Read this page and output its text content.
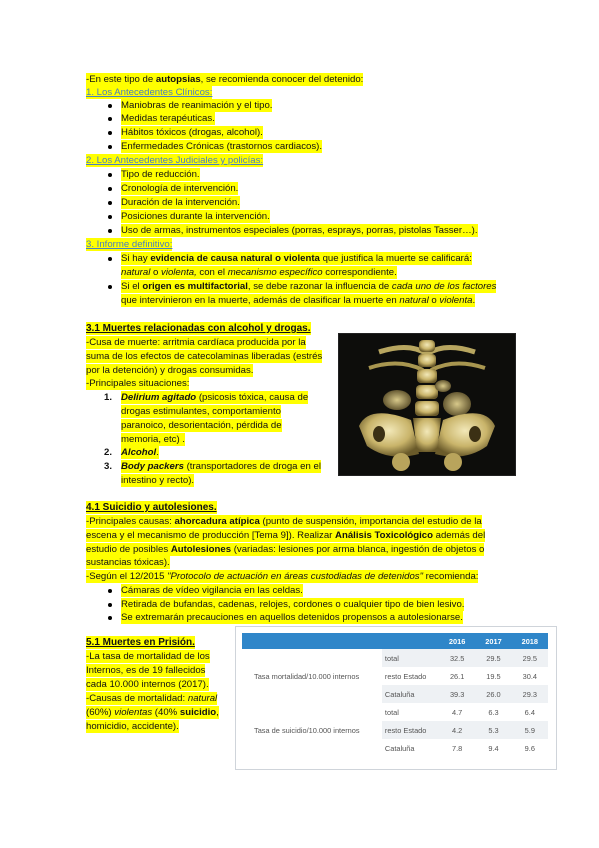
-En este tipo de autopsias, se recomienda conocer del detenido:
1. Los Antecedentes Clínicos:
Maniobras de reanimación y el tipo.
Medidas terapéuticas.
Hábitos tóxicos (drogas, alcohol).
Enfermedades Crónicas (trastornos cardiacos).
2. Los Antecedentes Judiciales y policías:
Tipo de reducción.
Cronología de intervención.
Duración de la intervención.
Posiciones durante la intervención.
Uso de armas, instrumentos especiales (porras, esprays, porras, pistolas Tasser…).
3. Informe definitivo:
Si hay evidencia de causa natural o violenta que justifica la muerte se calificará:
natural o violenta, con el mecanismo específico correspondiente.
Si el origen es multifactorial, se debe razonar la influencia de cada uno de los factores
que intervinieron en la muerte, además de clasificar la muerte en natural o violenta.
3.1 Muertes relacionadas con alcohol y drogas.
-Cusa de muerte: arritmia cardíaca producida por la
suma de los efectos de catecolaminas liberadas (estrés
por la detención) y drogas consumidas.
-Principales situaciones:
1. Delirium agitado (psicosis tóxica, causa de
drogas estimulantes, comportamiento
paranoico, desorientación, pérdida de
memoria, etc) .
2. Alcohol.
3. Body packers (transportadores de droga en el
intestino y recto).
4.1 Suicidio y autolesiones.
-Principales causas: ahorcadura atípica (punto de suspensión, importancia del estudio de la
escena y el mecanismo de producción [Tema 9]). Realizar Análisis Toxicológico además del
estudio de posibles Autolesiones (variadas: lesiones por arma blanca, ingestión de objetos o
sustancias tóxicas).
-Según el 12/2015 "Protocolo de actuación en áreas custodiadas de detenidos" recomienda:
Cámaras de vídeo vigilancia en las celdas.
Retirada de bufandas, cadenas, relojes, cordones o cualquier tipo de bien lesivo.
Se extremarán precauciones en aquellos detenidos propensos a autolesionarse.
5.1 Muertes en Prisión.
-La tasa de mortalidad de los
Internos, es de 19 fallecidos
cada 10.000 internos (2017).
-Causas de mortalidad: natural
(60%) violentas (40% suicidio,
homicidio, accidente).
		2016	2017	2018
Tasa mortalidad/10.000 internos	total	32.5	29.5	29.5
	resto Estado	26.1	19.5	30.4
	Cataluña	39.3	26.0	29.3
Tasa de suicidio/10.000 internos	total	4.7	6.3	6.4
	resto Estado	4.2	5.3	5.9
	Cataluña	7.8	9.4	9.6
